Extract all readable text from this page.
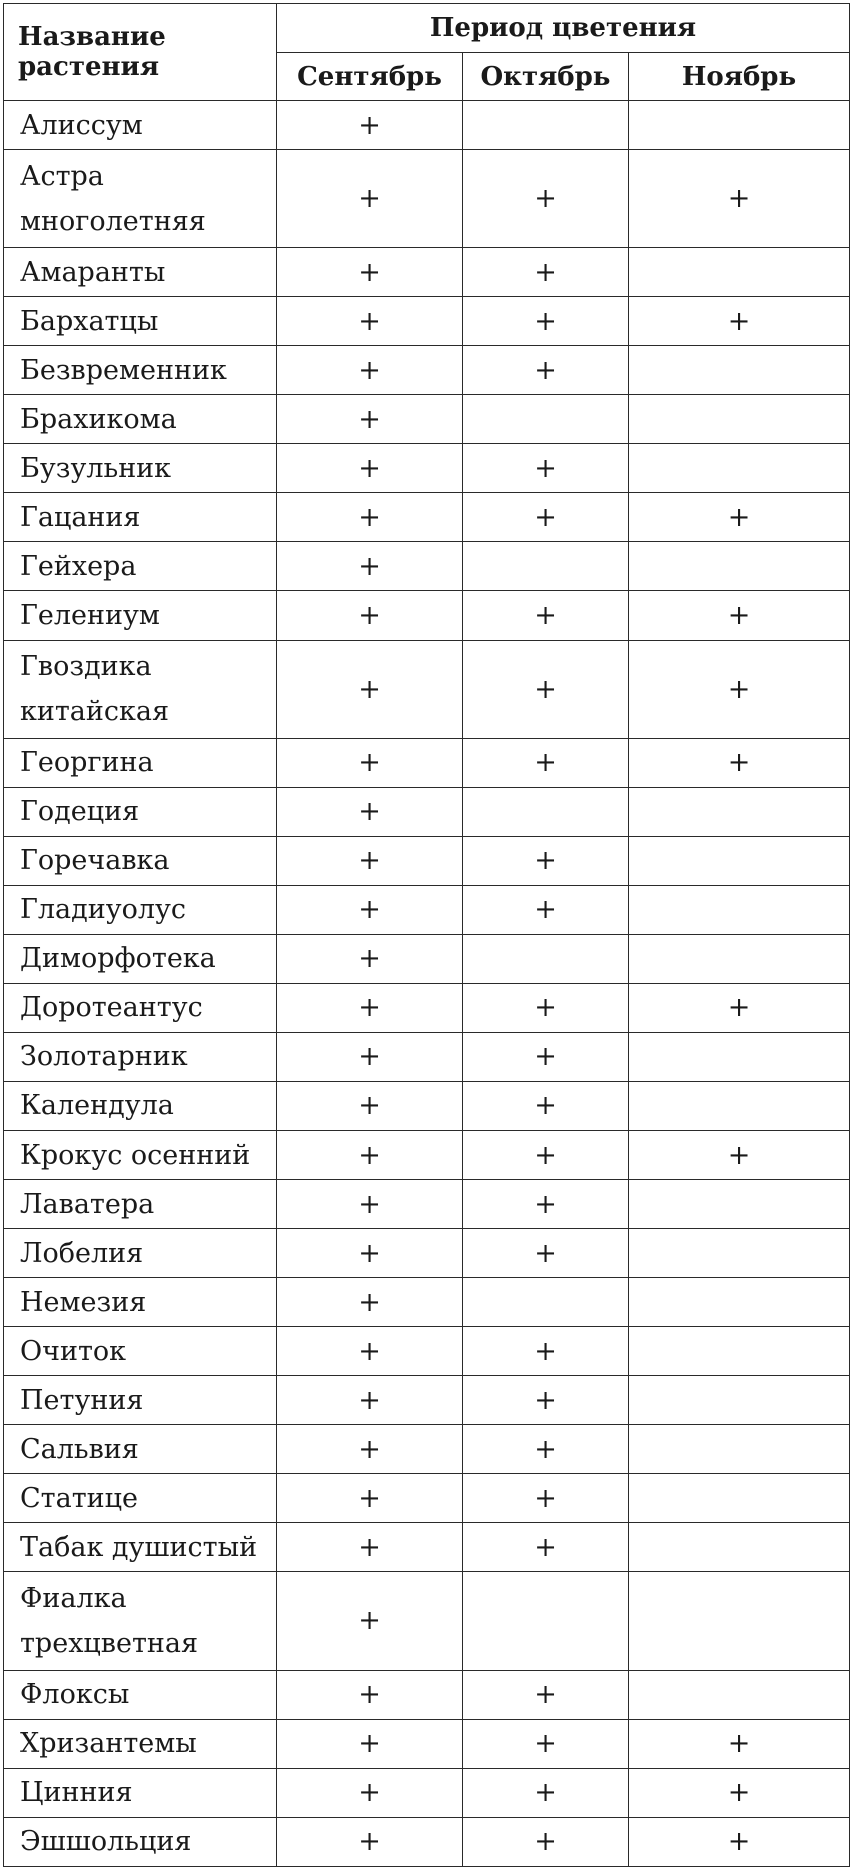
Название растения	Период цветения		
	Сентябрь	Октябрь	Ноябрь
Алиссум	+		
Астра многолетняя	+	+	+
Амаранты	+	+	
Бархатцы	+	+	+
Безвременник	+	+	
Брахикома	+		
Бузульник	+	+	
Гацания	+	+	+
Гейхера	+		
Гелениум	+	+	+
Гвоздика китайская	+	+	+
Георгина	+	+	+
Годеция	+		
Горечавка	+	+	
Гладиуолус	+	+	
Диморфотека	+		
Доротеантус	+	+	+
Золотарник	+	+	
Календула	+	+	
Крокус осенний	+	+	+
Лаватера	+	+	
Лобелия	+	+	
Немезия	+		
Очиток	+	+	
Петуния	+	+	
Сальвия	+	+	
Статице	+	+	
Табак душистый	+	+	
Фиалка трехцветная	+		
Флоксы	+	+	
Хризантемы	+	+	+
Цинния	+	+	+
Эшшольция	+	+	+
